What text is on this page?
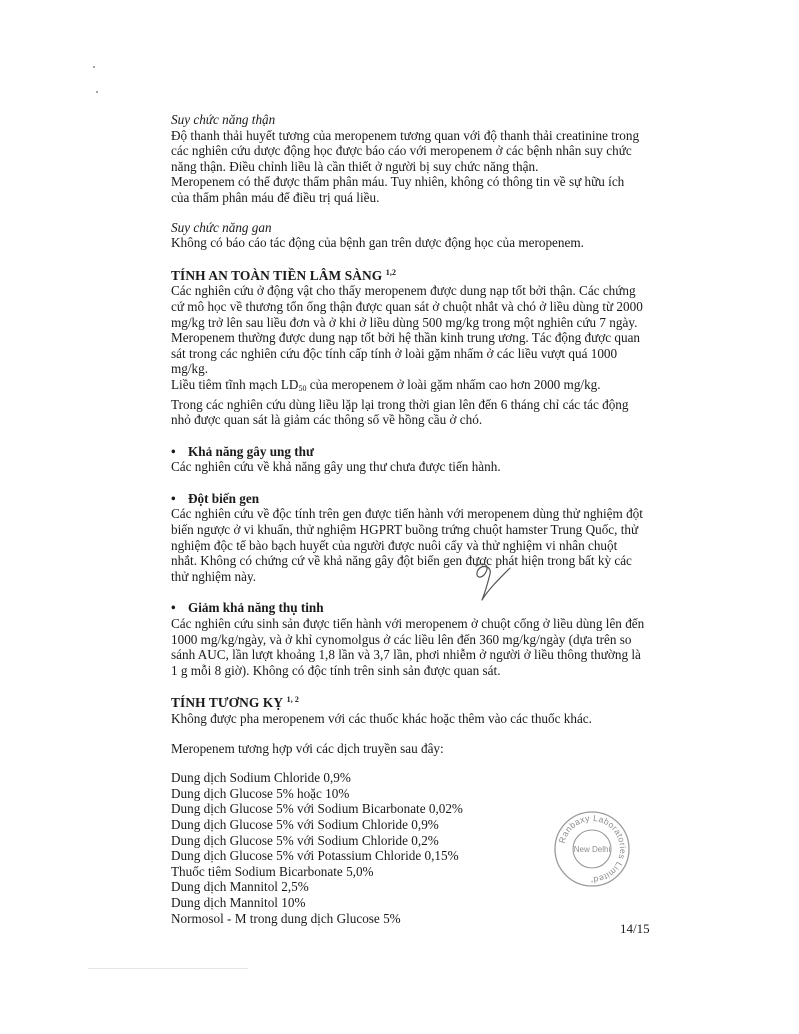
Suy chức năng thận
Độ thanh thải huyết tương của meropenem tương quan với độ thanh thải creatinine trong
các nghiên cứu dược động học được báo cáo với meropenem ở các bệnh nhân suy chức
năng thận. Điều chỉnh liều là cần thiết ở người bị suy chức năng thận.
Meropenem có thể được thẩm phân máu. Tuy nhiên, không có thông tin về sự hữu ích
của thẩm phân máu để điều trị quá liều.
Suy chức năng gan
Không có báo cáo tác động của bệnh gan trên dược động học của meropenem.
TÍNH AN TOÀN TIỀN LÂM SÀNG $^{1,2}$
Các nghiên cứu ở động vật cho thấy meropenem được dung nạp tốt bởi thận. Các chứng
cứ mô học về thương tổn ống thận được quan sát ở chuột nhắt và chó ở liều dùng từ 2000
mg/kg trở lên sau liều đơn và ở khi ở liều dùng 500 mg/kg trong một nghiên cứu 7 ngày.
Meropenem thường được dung nạp tốt bởi hệ thần kinh trung ương. Tác động được quan
sát trong các nghiên cứu độc tính cấp tính ở loài gặm nhấm ở các liều vượt quá 1000
mg/kg.
Liều tiêm tĩnh mạch $LD_{50}$ của meropenem ở loài gặm nhấm cao hơn 2000 mg/kg.
Trong các nghiên cứu dùng liều lặp lại trong thời gian lên đến 6 tháng chỉ các tác động
nhỏ được quan sát là giảm các thông số về hồng cầu ở chó.
• Khả năng gây ung thư
Các nghiên cứu về khả năng gây ung thư chưa được tiến hành.
• Đột biến gen
Các nghiên cứu về độc tính trên gen được tiến hành với meropenem dùng thử nghiệm đột
biến ngược ở vi khuẩn, thử nghiệm HGPRT buồng trứng chuột hamster Trung Quốc, thử
nghiệm độc tế bào bạch huyết của người được nuôi cấy và thử nghiệm vi nhân chuột
nhắt. Không có chứng cứ về khả năng gây đột biến gen được phát hiện trong bất kỳ các
thử nghiệm này.
• Giảm khả năng thụ tinh
Các nghiên cứu sinh sản được tiến hành với meropenem ở chuột cống ở liều dùng lên đến
1000 mg/kg/ngày, và ở khỉ cynomolgus ở các liều lên đến 360 mg/kg/ngày (dựa trên so
sánh AUC, lần lượt khoảng 1,8 lần và 3,7 lần, phơi nhiễm ở người ở liều thông thường là
1 g mỗi 8 giờ). Không có độc tính trên sinh sản được quan sát.
TÍNH TƯƠNG KỴ $^{1, 2}$
Không được pha meropenem với các thuốc khác hoặc thêm vào các thuốc khác.
Meropenem tương hợp với các dịch truyền sau đây:
Dung dịch Sodium Chloride 0,9%
Dung dịch Glucose 5% hoặc 10%
Dung dịch Glucose 5% với Sodium Bicarbonate 0,02%
Dung dịch Glucose 5% với Sodium Chloride 0,9%
Dung dịch Glucose 5% với Sodium Chloride 0,2%
Dung dịch Glucose 5% với Potassium Chloride 0,15%
Thuốc tiêm Sodium Bicarbonate 5,0%
Dung dịch Mannitol 2,5%
Dung dịch Mannitol 10%
Normosol - M trong dung dịch Glucose 5%
Ranbaxy Laboratories Limited
New Delhi
*
14/15
